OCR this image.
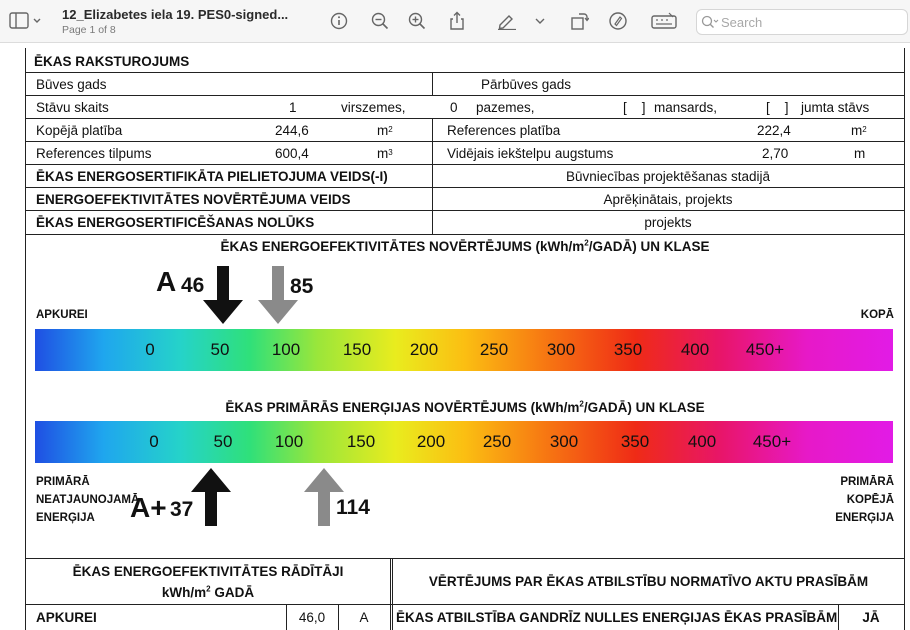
12_Elizabetes iela 19. PES0-signed...
Page 1 of 8
Search
ĒKAS RAKSTUROJUMS
Būves gads	Pārbūves gads
Stāvu skaits	1	virszemes,	0 pazemes,	[    ] mansards,	[    ] jumta stāvs
Kopējā platība	244,6	m 2	References platība	222,4	m 2
References tilpums	600,4	m 3	Vidējais iekštelpu augstums	2,70	m
ĒKAS ENERGOSERTIFIKĀTA PIELIETOJUMA VEIDS(-I)	Būvniecības projektēšanas stadijā
ENERGOEFEKTIVITĀTES NOVĒRTĒJUMA VEIDS	Aprēķinātais, projekts
ĒKAS ENERGOSERTIFICĒŠANAS NOLŪKS	projekts
ĒKAS ENERGOEFEKTIVITĀTES NOVĒRTĒJUMS $(kWh/m^2/GADĀ)$ UN KLASE
A 46	85
APKUREI	KOPĀ
0	50 100	150 200 250 300 350 400 450+
ĒKAS PRIMĀRĀS ENERĢIJAS NOVĒRTĒJUMS $(kWh/m^2/GADĀ)$ UN KLASE
0	50 100	150 200 250 300	350 400 450+
PRIMĀRĀ
NEATJAUNOJAMĀ
ENERĢIJA
PRIMĀRĀ
KOPĒJĀ
ENERĢIJA
A+ 37	114
ĒKAS ENERGOEFEKTIVITĀTES RĀDĪTĀJI
kWh/$m^2$ GADĀ
VĒRTĒJUMS PAR ĒKAS ATBILSTĪBU NORMATĪVO AKTU PRASĪBĀM
APKUREI	46,0	A	ĒKAS ATBILSTĪBA GANDRĪZ NULLES ENERĢIJAS ĒKAS PRASĪBĀM	JĀ
